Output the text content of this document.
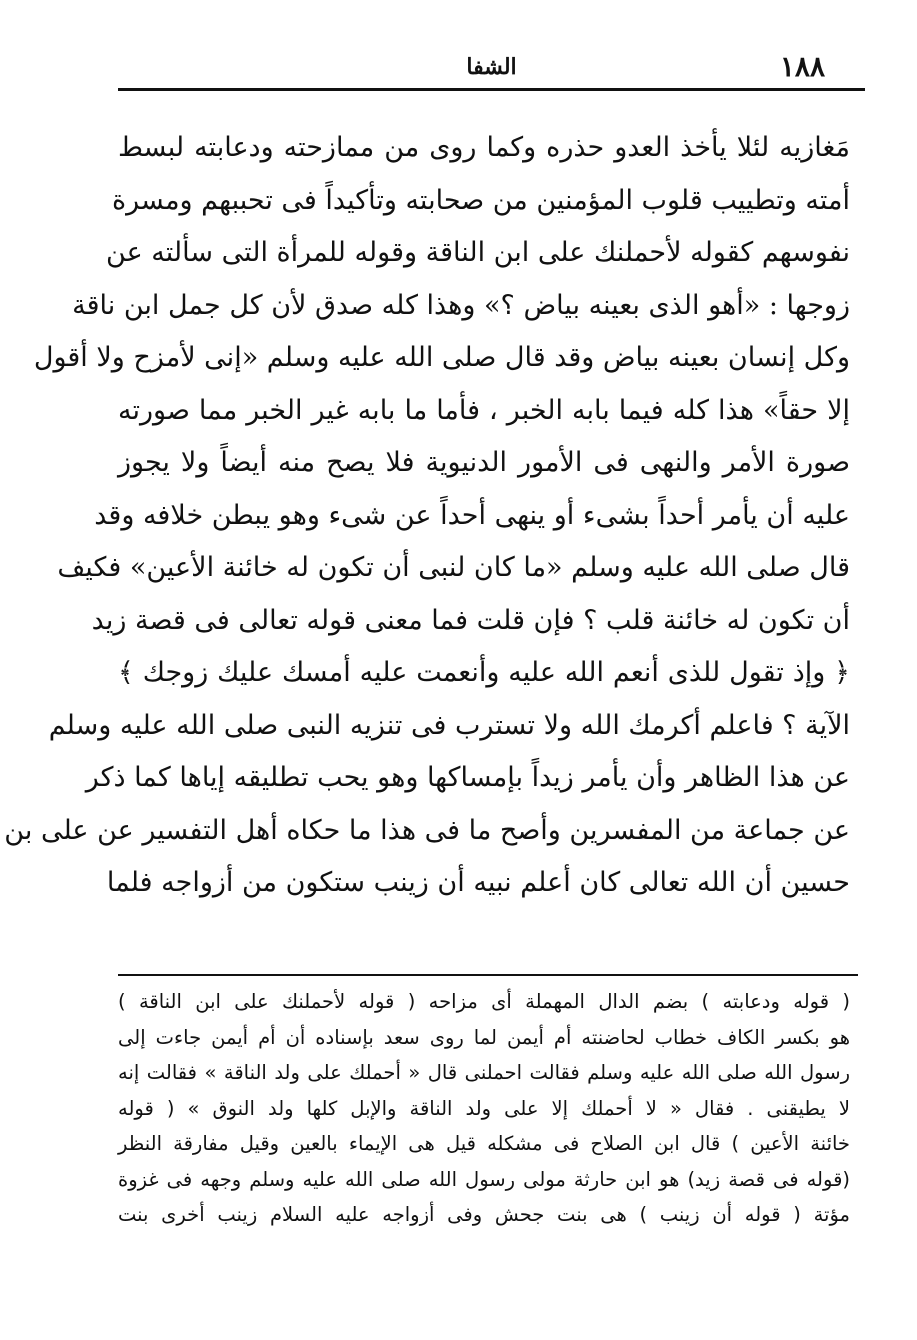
١٨٨
الشفا
مَغازيه لئلا يأخذ العدو حذره وكما روى من ممازحته ودعابته لبسط
أمته وتطييب قلوب المؤمنين من صحابته وتأكيداً فى تحببهم ومسرة
نفوسهم كقوله لأحملنك على ابن الناقة وقوله للمرأة التى سألته عن
زوجها : «أهو الذى بعينه بياض ؟» وهذا كله صدق لأن كل جمل ابن ناقة
وكل إنسان بعينه بياض وقد قال صلى الله عليه وسلم «إنى لأمزح ولا أقول
إلا حقاً» هذا كله فيما بابه الخبر ، فأما ما بابه غير الخبر مما صورته
صورة الأمر والنهى فى الأمور الدنيوية فلا يصح منه أيضاً ولا يجوز
عليه أن يأمر أحداً بشىء أو ينهى أحداً عن شىء وهو يبطن خلافه وقد
قال صلى الله عليه وسلم «ما كان لنبى أن تكون له خائنة الأعين» فكيف
أن تكون له خائنة قلب ؟ فإن قلت فما معنى قوله تعالى فى قصة زيد
﴿ وإذ تقول للذى أنعم الله عليه وأنعمت عليه أمسك عليك زوجك ﴾
الآية ؟ فاعلم أكرمك الله ولا تسترب فى تنزيه النبى صلى الله عليه وسلم
عن هذا الظاهر وأن يأمر زيداً بإمساكها وهو يحب تطليقه إياها كما ذكر
عن جماعة من المفسرين وأصح ما فى هذا ما حكاه أهل التفسير عن على بن
حسين أن الله تعالى كان أعلم نبيه أن زينب ستكون من أزواجه فلما
( قوله ودعابته ) بضم الدال المهملة أى مزاحه ( قوله لأحملنك على ابن الناقة )
هو بكسر الكاف خطاب لحاضنته أم أيمن لما روى سعد بإسناده أن أم أيمن جاءت إلى
رسول الله صلى الله عليه وسلم فقالت احملنى قال « أحملك على ولد الناقة » فقالت إنه
لا يطيقنى . فقال « لا أحملك إلا على ولد الناقة والإبل كلها ولد النوق » ( قوله
خائنة الأعين ) قال ابن الصلاح فى مشكله قيل هى الإيماء بالعين وقيل مفارقة النظر
(قوله فى قصة زيد) هو ابن حارثة مولى رسول الله صلى الله عليه وسلم وجهه فى غزوة
مؤتة ( قوله أن زينب ) هى بنت جحش وفى أزواجه عليه السلام زينب أخرى بنت
